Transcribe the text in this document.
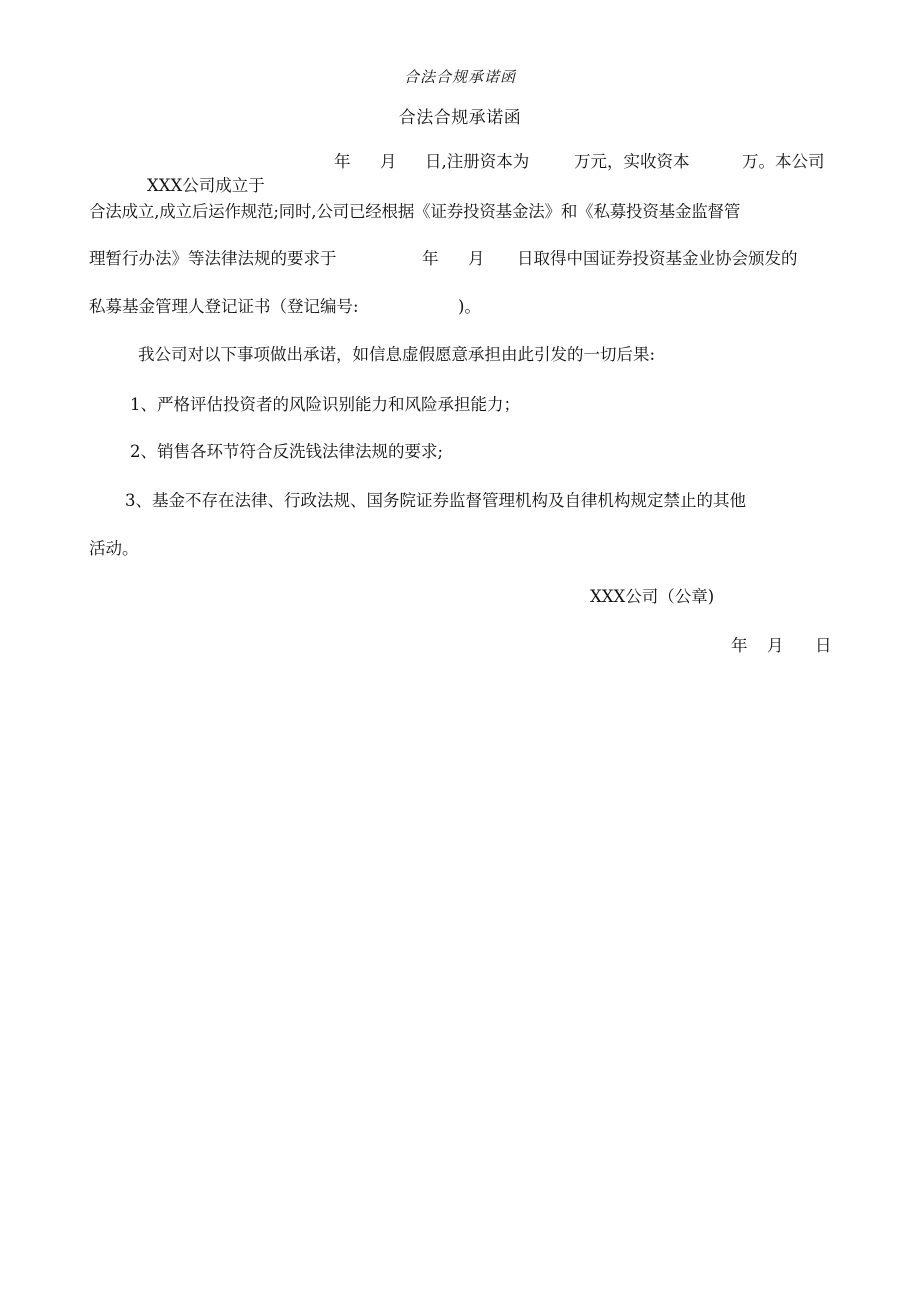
合法合规承诺函
合法合规承诺函

XXX公司成立于

年 月 日,注册资本为	万元，实收资本	万。本公司
合法成立,成立后运作规范;同时,公司已经根据《证券投资基金法》和《私募投资基金监督管
理暂行办法》等法律法规的要求于	年 月 日取得中国证券投资基金业协会颁发的
私募基金管理人登记证书（登记编号:	)。
我公司对以下事项做出承诺，如信息虚假愿意承担由此引发的一切后果:
1、严格评估投资者的风险识别能力和风险承担能力；
2、销售各环节符合反洗钱法律法规的要求;
3、基金不存在法律、行政法规、国务院证券监督管理机构及自律机构规定禁止的其他
活动。
XXX公司（公章)
年 月 日
